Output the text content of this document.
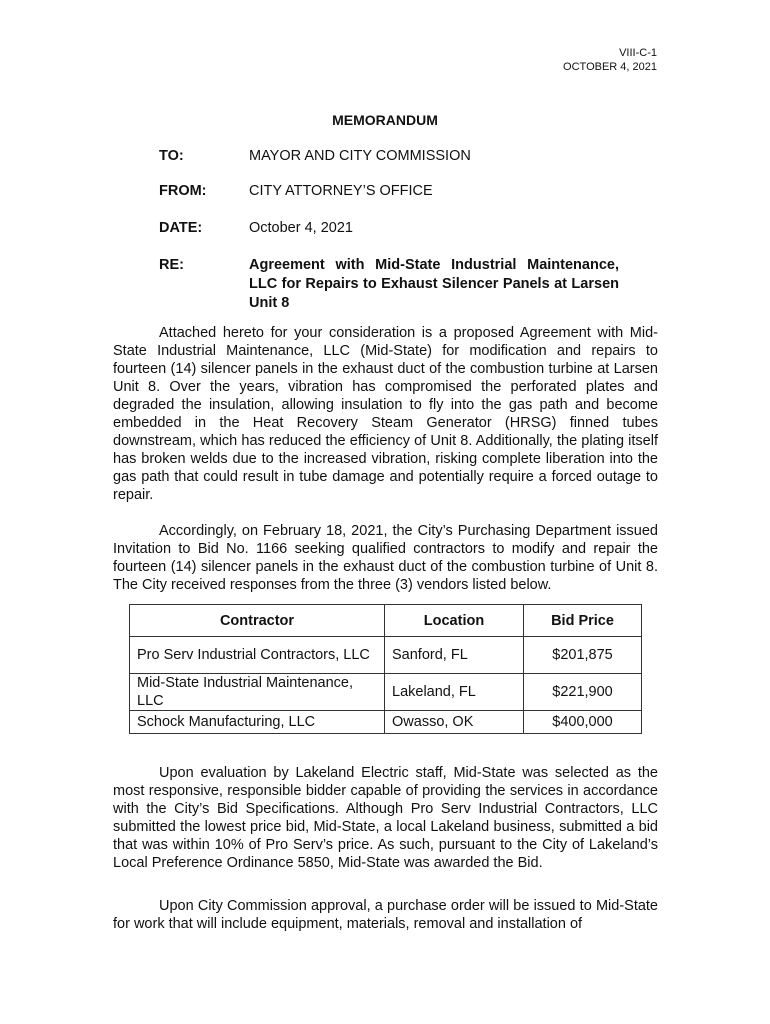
VIII-C-1
OCTOBER 4, 2021
MEMORANDUM
TO:	MAYOR AND CITY COMMISSION
FROM:	CITY ATTORNEY’S OFFICE
DATE:	October 4, 2021
RE:	Agreement with Mid-State Industrial Maintenance, LLC for Repairs to Exhaust Silencer Panels at Larsen Unit 8

Attached hereto for your consideration is a proposed Agreement with Mid-State Industrial Maintenance, LLC (Mid-State) for modification and repairs to fourteen (14) silencer panels in the exhaust duct of the combustion turbine at Larsen Unit 8. Over the years, vibration has compromised the perforated plates and degraded the insulation, allowing insulation to fly into the gas path and become embedded in the Heat Recovery Steam Generator (HRSG) finned tubes downstream, which has reduced the efficiency of Unit 8. Additionally, the plating itself has broken welds due to the increased vibration, risking complete liberation into the gas path that could result in tube damage and potentially require a forced outage to repair.

Accordingly, on February 18, 2021, the City’s Purchasing Department issued Invitation to Bid No. 1166 seeking qualified contractors to modify and repair the fourteen (14) silencer panels in the exhaust duct of the combustion turbine of Unit 8. The City received responses from the three (3) vendors listed below.

Contractor	Location	Bid Price
Pro Serv Industrial Contractors, LLC	Sanford, FL	$201,875
Mid-State Industrial Maintenance, LLC	Lakeland, FL	$221,900
Schock Manufacturing, LLC	Owasso, OK	$400,000

Upon evaluation by Lakeland Electric staff, Mid-State was selected as the most responsive, responsible bidder capable of providing the services in accordance with the City’s Bid Specifications. Although Pro Serv Industrial Contractors, LLC submitted the lowest price bid, Mid-State, a local Lakeland business, submitted a bid that was within 10% of Pro Serv’s price. As such, pursuant to the City of Lakeland’s Local Preference Ordinance 5850, Mid-State was awarded the Bid.

Upon City Commission approval, a purchase order will be issued to Mid-State for work that will include equipment, materials, removal and installation of
